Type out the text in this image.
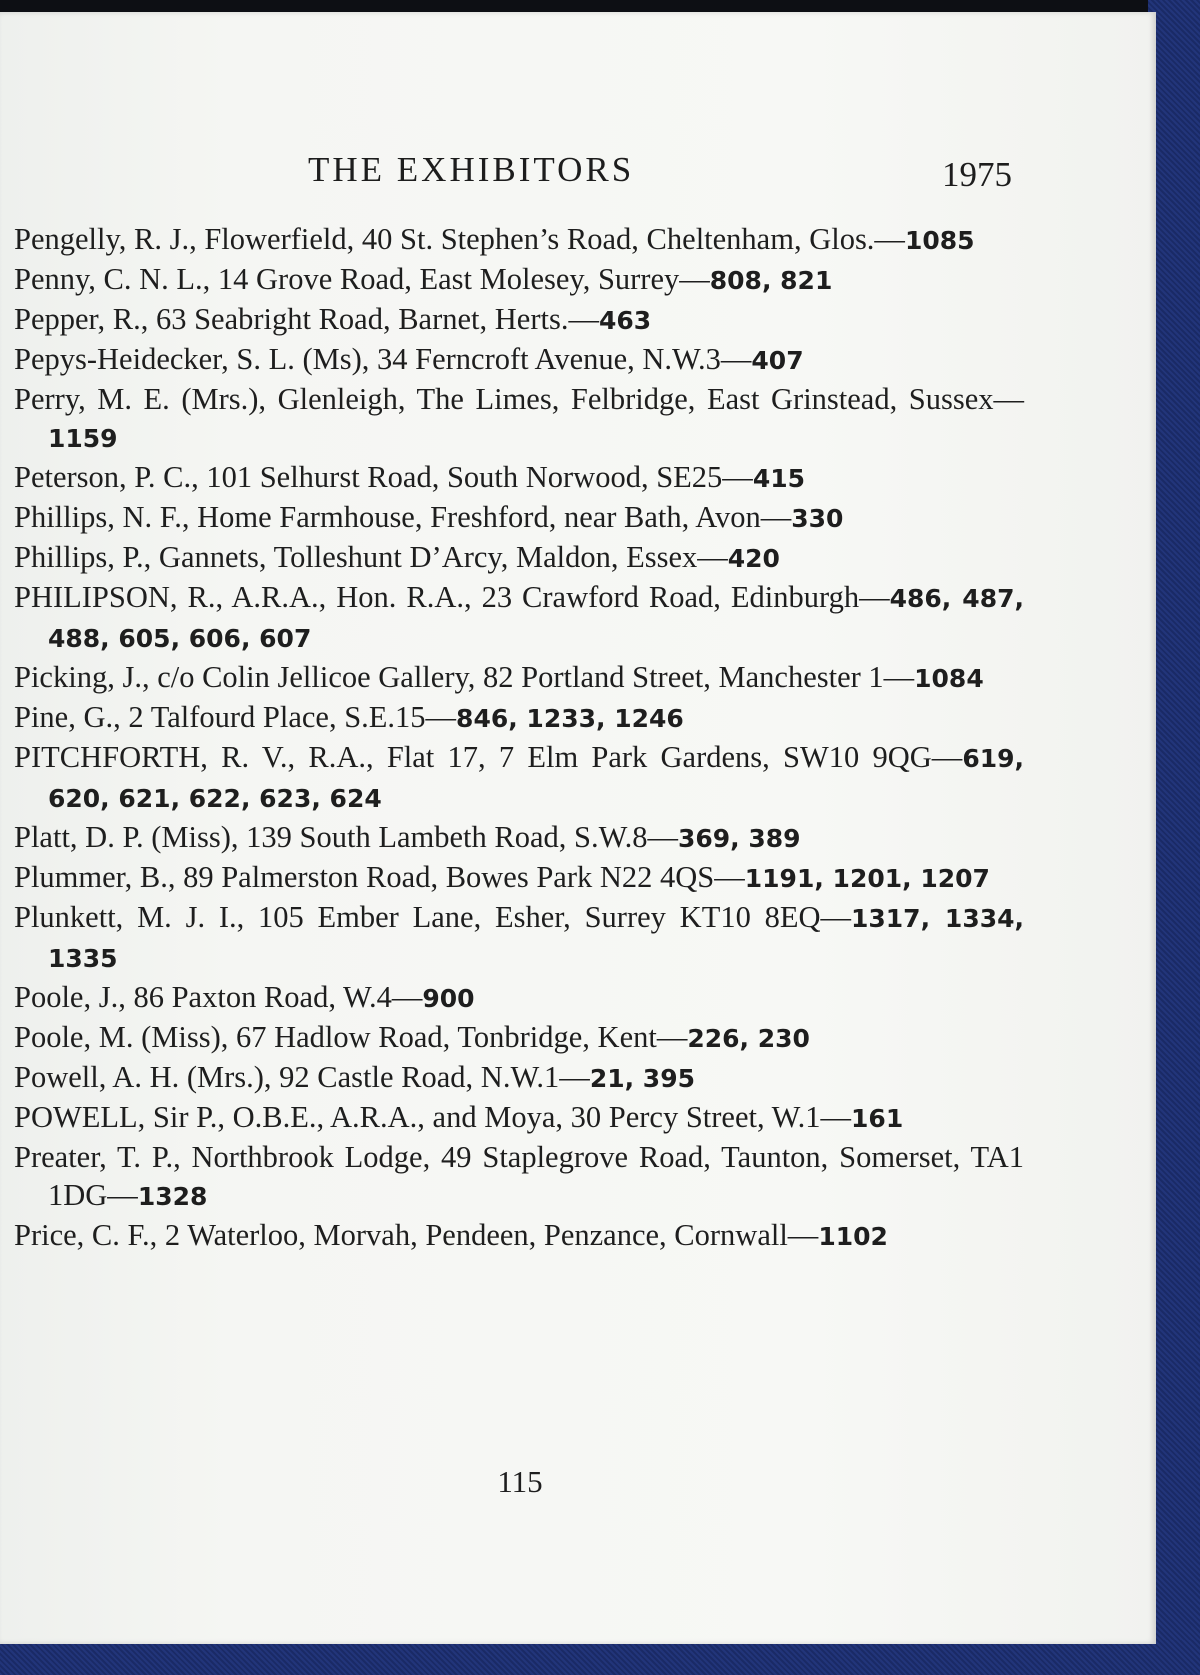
THE EXHIBITORS	1975
Pengelly, R. J., Flowerfield, 40 St. Stephen’s Road, Cheltenham, Glos.—1085
Penny, C. N. L., 14 Grove Road, East Molesey, Surrey—808, 821
Pepper, R., 63 Seabright Road, Barnet, Herts.—463
Pepys-Heidecker, S. L. (Ms), 34 Ferncroft Avenue, N.W.3—407
Perry, M. E. (Mrs.), Glenleigh, The Limes, Felbridge, East Grinstead, Sussex—1159
Peterson, P. C., 101 Selhurst Road, South Norwood, SE25—415
Phillips, N. F., Home Farmhouse, Freshford, near Bath, Avon—330
Phillips, P., Gannets, Tolleshunt D’Arcy, Maldon, Essex—420
PHILIPSON, R., A.R.A., Hon. R.A., 23 Crawford Road, Edinburgh—486, 487, 488, 605, 606, 607
Picking, J., c/o Colin Jellicoe Gallery, 82 Portland Street, Manchester 1—1084
Pine, G., 2 Talfourd Place, S.E.15—846, 1233, 1246
PITCHFORTH, R. V., R.A., Flat 17, 7 Elm Park Gardens, SW10 9QG—619, 620, 621, 622, 623, 624
Platt, D. P. (Miss), 139 South Lambeth Road, S.W.8—369, 389
Plummer, B., 89 Palmerston Road, Bowes Park N22 4QS—1191, 1201, 1207
Plunkett, M. J. I., 105 Ember Lane, Esher, Surrey KT10 8EQ—1317, 1334, 1335
Poole, J., 86 Paxton Road, W.4—900
Poole, M. (Miss), 67 Hadlow Road, Tonbridge, Kent—226, 230
Powell, A. H. (Mrs.), 92 Castle Road, N.W.1—21, 395
POWELL, Sir P., O.B.E., A.R.A., and Moya, 30 Percy Street, W.1—161
Preater, T. P., Northbrook Lodge, 49 Staplegrove Road, Taunton, Somerset, TA1 1DG—1328
Price, C. F., 2 Waterloo, Morvah, Pendeen, Penzance, Cornwall—1102
115
